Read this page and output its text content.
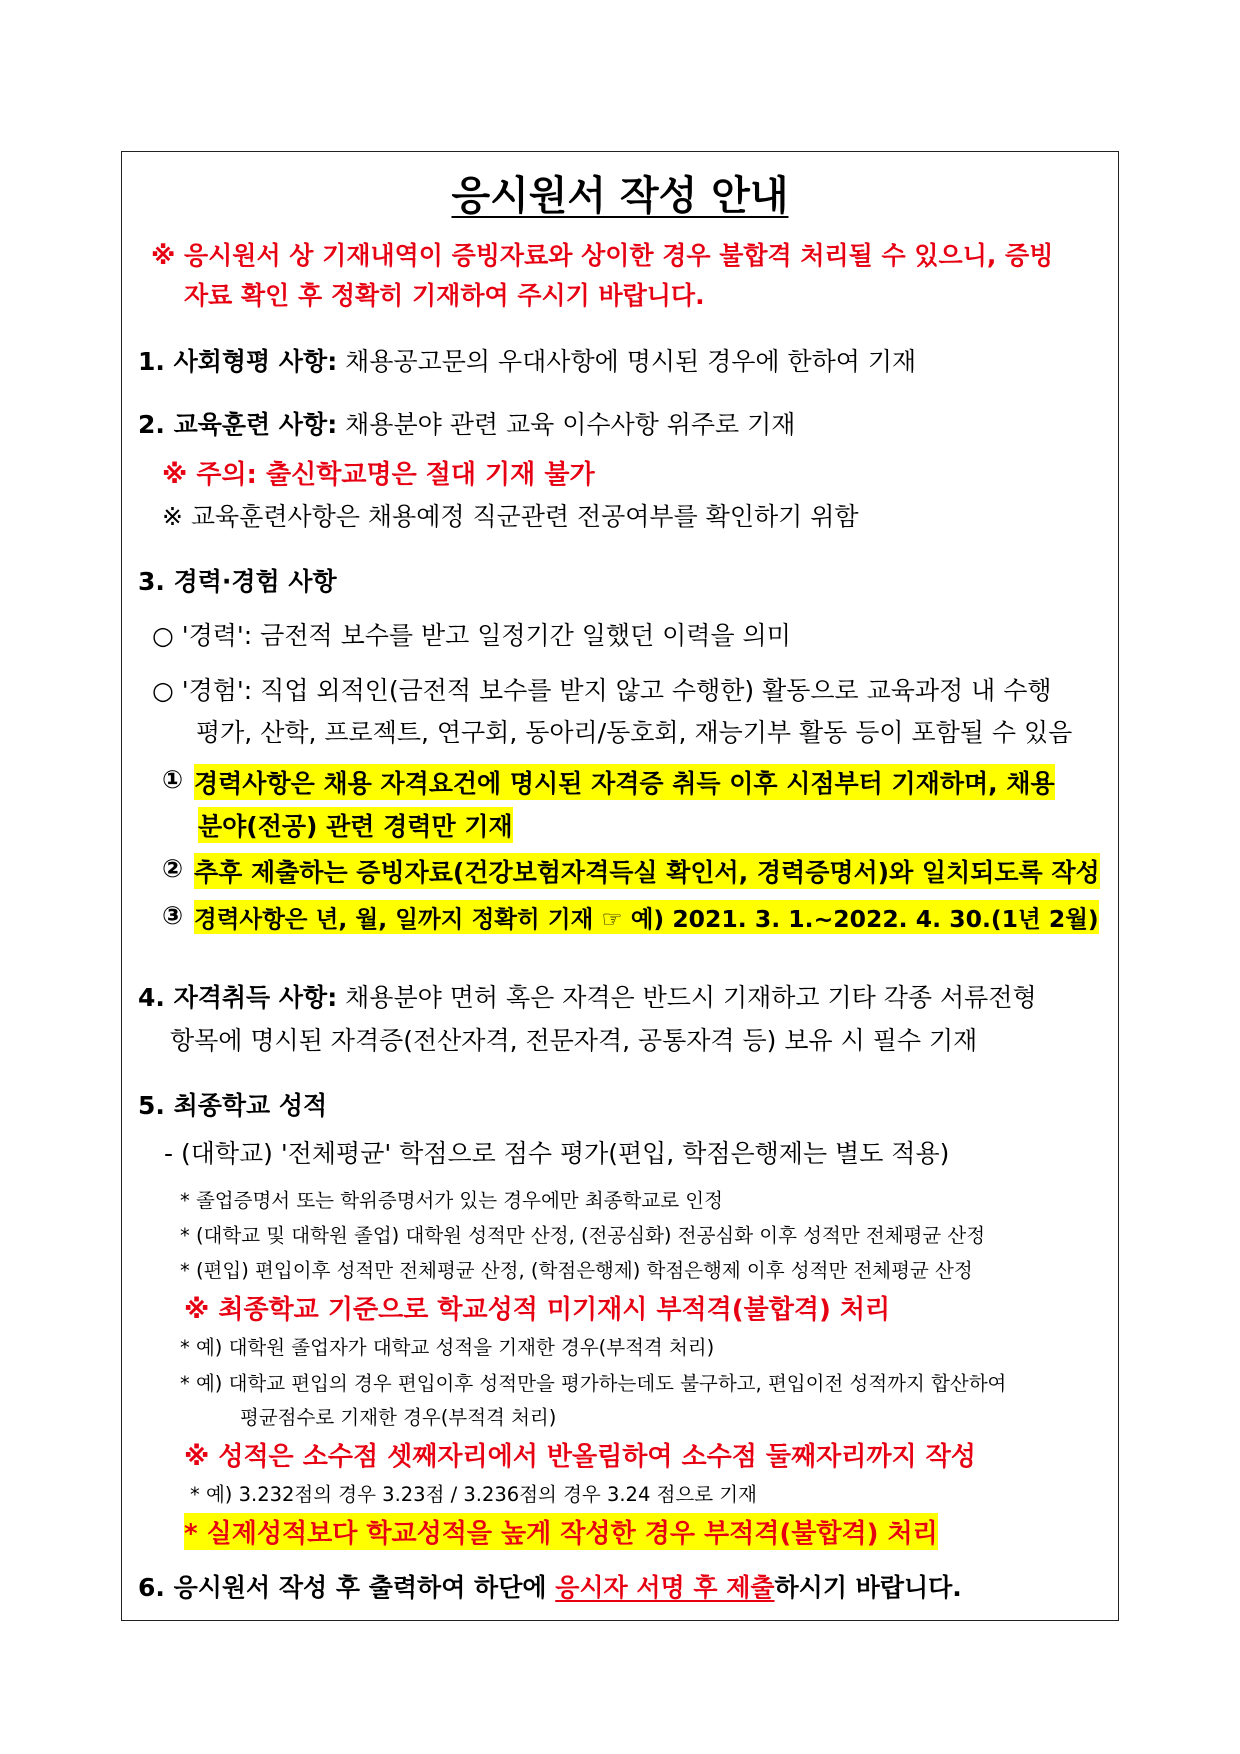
응시원서 작성 안내
※ 응시원서 상 기재내역이 증빙자료와 상이한 경우 불합격 처리될 수 있으니, 증빙
자료 확인 후 정확히 기재하여 주시기 바랍니다.
1. 사회형평 사항: 채용공고문의 우대사항에 명시된 경우에 한하여 기재
2. 교육훈련 사항: 채용분야 관련 교육 이수사항 위주로 기재
※ 주의: 출신학교명은 절대 기재 불가
※ 교육훈련사항은 채용예정 직군관련 전공여부를 확인하기 위함
3. 경력·경험 사항
○ '경력': 금전적 보수를 받고 일정기간 일했던 이력을 의미
○ '경험': 직업 외적인(금전적 보수를 받지 않고 수행한) 활동으로 교육과정 내 수행
평가, 산학, 프로젝트, 연구회, 동아리/동호회, 재능기부 활동 등이 포함될 수 있음
① 경력사항은 채용 자격요건에 명시된 자격증 취득 이후 시점부터 기재하며, 채용
분야(전공) 관련 경력만 기재
② 추후 제출하는 증빙자료(건강보험자격득실 확인서, 경력증명서)와 일치되도록 작성
③ 경력사항은 년, 월, 일까지 정확히 기재 ☞ 예) 2021. 3. 1.~2022. 4. 30.(1년 2월)
4. 자격취득 사항: 채용분야 면허 혹은 자격은 반드시 기재하고 기타 각종 서류전형
항목에 명시된 자격증(전산자격, 전문자격, 공통자격 등) 보유 시 필수 기재
5. 최종학교 성적
- (대학교) '전체평균' 학점으로 점수 평가(편입, 학점은행제는 별도 적용)
* 졸업증명서 또는 학위증명서가 있는 경우에만 최종학교로 인정
* (대학교 및 대학원 졸업) 대학원 성적만 산정, (전공심화) 전공심화 이후 성적만 전체평균 산정
* (편입) 편입이후 성적만 전체평균 산정, (학점은행제) 학점은행제 이후 성적만 전체평균 산정
※ 최종학교 기준으로 학교성적 미기재시 부적격(불합격) 처리
* 예) 대학원 졸업자가 대학교 성적을 기재한 경우(부적격 처리)
* 예) 대학교 편입의 경우 편입이후 성적만을 평가하는데도 불구하고, 편입이전 성적까지 합산하여
평균점수로 기재한 경우(부적격 처리)
※ 성적은 소수점 셋째자리에서 반올림하여 소수점 둘째자리까지 작성
* 예) 3.232점의 경우 3.23점 / 3.236점의 경우 3.24 점으로 기재
* 실제성적보다 학교성적을 높게 작성한 경우 부적격(불합격) 처리
6. 응시원서 작성 후 출력하여 하단에 응시자 서명 후 제출하시기 바랍니다.
